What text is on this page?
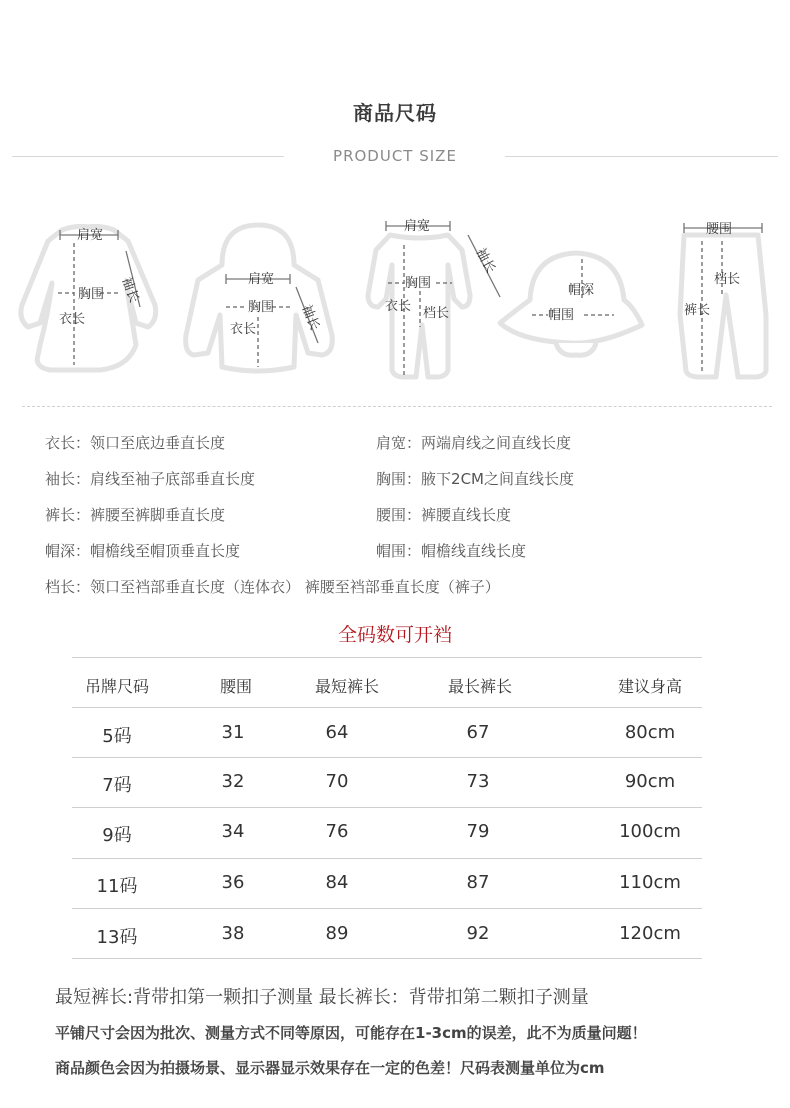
商品尺码
PRODUCT SIZE
肩宽
胸围
衣长
袖长	肩宽
胸围
衣长	袖长
肩宽
胸围
衣长 档长
袖长
帽深
帽围
腰围
档长
裤长
衣长：领口至底边垂直长度	肩宽：两端肩线之间直线长度
袖长：肩线至袖子底部垂直长度	胸围：腋下2CM之间直线长度
裤长：裤腰至裤脚垂直长度	腰围：裤腰直线长度
帽深：帽檐线至帽顶垂直长度	帽围：帽檐线直线长度
档长：领口至裆部垂直长度（连体衣） 裤腰至裆部垂直长度（裤子）
全码数可开裆
吊牌尺码	腰围	最短裤长	最长裤长	建议身高
5码	31	64	67	80cm
7码	32	70	73	90cm
9码	34	76	79	100cm
11码	36	84	87	110cm
13码	38	89	92	120cm
最短裤长:背带扣第一颗扣子测量 最长裤长：背带扣第二颗扣子测量
平铺尺寸会因为批次、测量方式不同等原因，可能存在1-3cm的误差，此不为质量问题！
商品颜色会因为拍摄场景、显示器显示效果存在一定的色差！尺码表测量单位为cm
